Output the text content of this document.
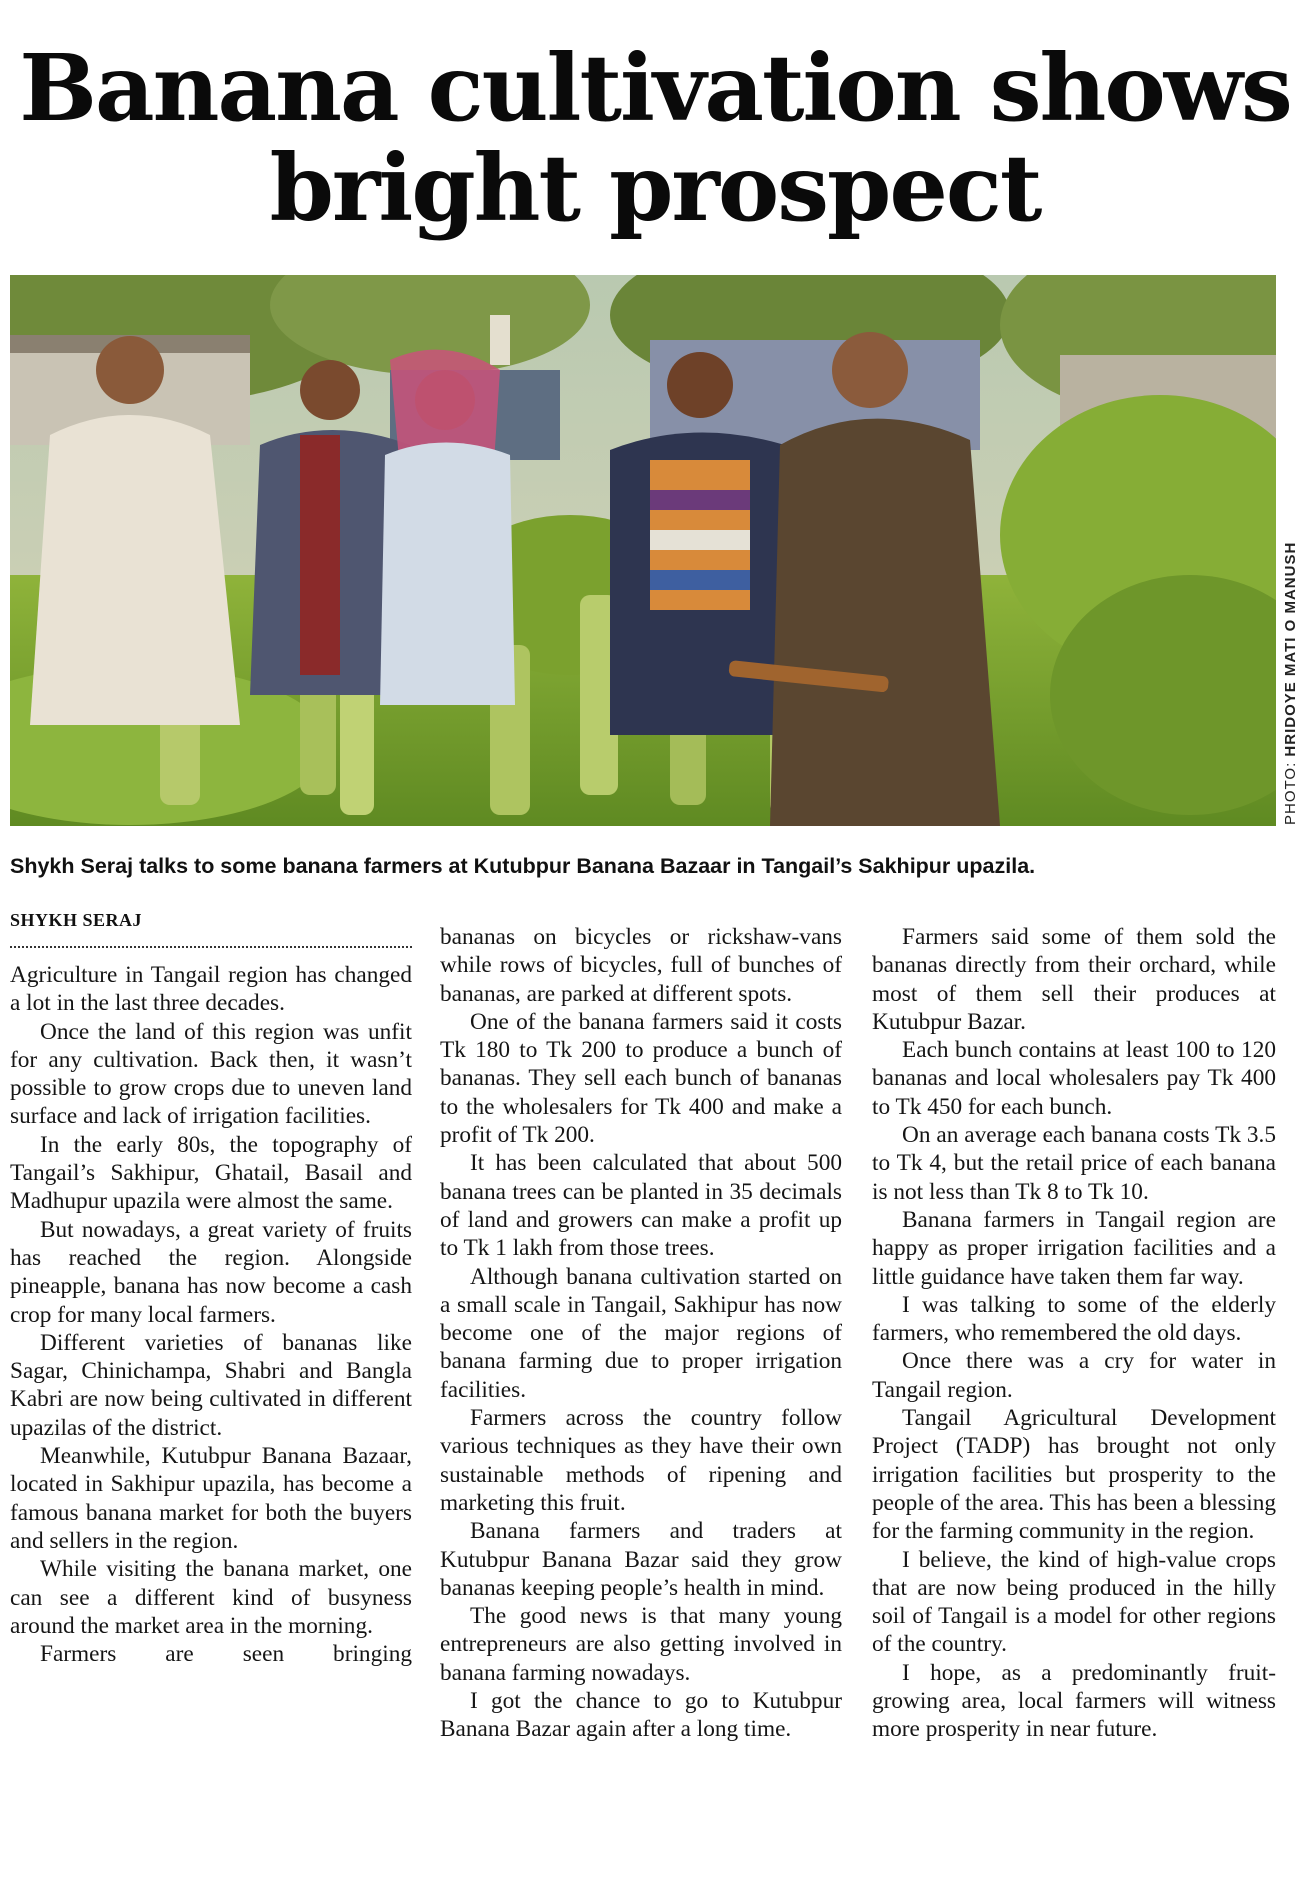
Banana cultivation shows
bright prospect
PHOTO: HRIDOYE MATI O MANUSH
Shykh Seraj talks to some banana farmers at Kutubpur Banana Bazaar in Tangail’s Sakhipur upazila.
SHYKH SERAJ

Agriculture in Tangail region has changed a lot in the last three decades.

Once the land of this region was unfit for any cultivation. Back then, it wasn’t possible to grow crops due to uneven land surface and lack of irrigation facilities.

In the early 80s, the topography of Tangail’s Sakhipur, Ghatail, Basail and Madhupur upazila were almost the same.

But nowadays, a great variety of fruits has reached the region. Alongside pineapple, banana has now become a cash crop for many local farmers.

Different varieties of bananas like Sagar, Chinichampa, Shabri and Bangla Kabri are now being cultivated in different upazilas of the district.

Meanwhile, Kutubpur Banana Bazaar, located in Sakhipur upazila, has become a famous banana market for both the buyers and sellers in the region.

While visiting the banana market, one can see a different kind of busyness around the market area in the morning.

Farmers are seen bringing

bananas on bicycles or rickshaw-vans while rows of bicycles, full of bunches of bananas, are parked at different spots.

One of the banana farmers said it costs Tk 180 to Tk 200 to produce a bunch of bananas. They sell each bunch of bananas to the wholesalers for Tk 400 and make a profit of Tk 200.

It has been calculated that about 500 banana trees can be planted in 35 decimals of land and growers can make a profit up to Tk 1 lakh from those trees.

Although banana cultivation started on a small scale in Tangail, Sakhipur has now become one of the major regions of banana farming due to proper irrigation facilities.

Farmers across the country follow various techniques as they have their own sustainable methods of ripening and marketing this fruit.

Banana farmers and traders at Kutubpur Banana Bazar said they grow bananas keeping people’s health in mind.

The good news is that many young entrepreneurs are also getting involved in banana farming nowadays.

I got the chance to go to Kutubpur Banana Bazar again after a long time.

Farmers said some of them sold the bananas directly from their orchard, while most of them sell their produces at Kutubpur Bazar.

Each bunch contains at least 100 to 120 bananas and local wholesalers pay Tk 400 to Tk 450 for each bunch.

On an average each banana costs Tk 3.5 to Tk 4, but the retail price of each banana is not less than Tk 8 to Tk 10.

Banana farmers in Tangail region are happy as proper irrigation facilities and a little guidance have taken them far way.

I was talking to some of the elderly farmers, who remembered the old days.

Once there was a cry for water in Tangail region.

Tangail Agricultural Development Project (TADP) has brought not only irrigation facilities but prosperity to the people of the area. This has been a blessing for the farming community in the region.

I believe, the kind of high-value crops that are now being produced in the hilly soil of Tangail is a model for other regions of the country.

I hope, as a predominantly fruit-growing area, local farmers will witness more prosperity in near future.
